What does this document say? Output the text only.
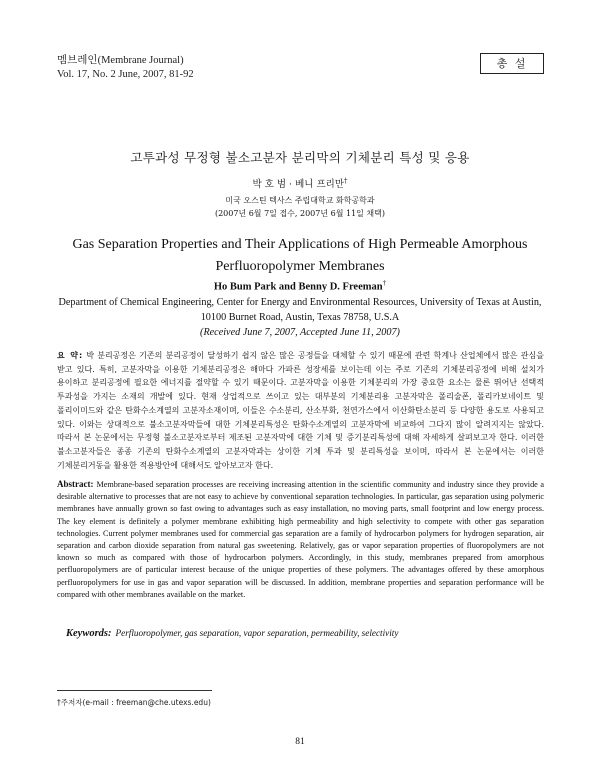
멤브레인(Membrane Journal)
Vol. 17, No. 2 June, 2007, 81-92
총 설
고투과성 무정형 불소고분자 분리막의 기체분리 특성 및 응용
박 호 범 · 베니 프리만†
미국 오스틴 텍사스 주립대학교 화학공학과
(2007년 6월 7일 접수, 2007년 6월 11일 채택)
Gas Separation Properties and Their Applications of High Permeable Amorphous Perfluoropolymer Membranes
Ho Bum Park and Benny D. Freeman†
Department of Chemical Engineering, Center for Energy and Environmental Resources, University of Texas at Austin,
10100 Burnet Road, Austin, Texas 78758, U.S.A
(Received June 7, 2007, Accepted June 11, 2007)
요 약: 박 분리공정은 기존의 분리공정이 달성하기 쉽지 않은 많은 공정들을 대체할 수 있기 때문에 관련 학계나 산업체에서 많은 관심을 받고 있다. 특히, 고분자막을 이용한 기체분리공정은 해마다 가파른 성장세를 보이는데 이는 주로 기존의 기체분리공정에 비해 설치가 용이하고 분리공정에 필요한 에너지를 절약할 수 있기 때문이다. 고분자막을 이용한 기체분리의 가장 중요한 요소는 물론 뛰어난 선택적 투과성을 가지는 소재의 개발에 있다. 현재 상업적으로 쓰이고 있는 대부분의 기체분리용 고분자막은 폴리술폰, 폴리카보네이트 및 폴리이미드와 같은 탄화수소계열의 고분자소재이며, 이들은 수소분리, 산소부화, 천연가스에서 이산화탄소분리 등 다양한 용도로 사용되고 있다. 이와는 상대적으로 불소고분자막들에 대한 기체분리특성은 탄화수소계열의 고분자막에 비교하여 그다지 많이 알려지지는 않았다. 따라서 본 논문에서는 무정형 불소고분자로부터 제조된 고분자막에 대한 기체 및 증기분리특성에 대해 자세하게 살펴보고자 한다. 이러한 불소고분자들은 종종 기존의 탄화수소계열의 고분자막과는 상이한 기체 투과 및 분리특성을 보이며, 따라서 본 논문에서는 이러한 기체분리거동을 활용한 적용방안에 대해서도 알아보고자 한다.
Abstract: Membrane-based separation processes are receiving increasing attention in the scientific community and industry since they provide a desirable alternative to processes that are not easy to achieve by conventional separation technologies. In particular, gas separation using polymeric membranes have annually grown so fast owing to advantages such as easy installation, no moving parts, small footprint and low energy process. The key element is definitely a polymer membrane exhibiting high permeability and high selectivity to compete with other gas separation technologies. Current polymer membranes used for commercial gas separation are a family of hydrocarbon polymers for hydrogen separation, air separation and carbon dioxide separation from natural gas sweetening. Relatively, gas or vapor separation properties of fluoropolymers are not known so much as compared with those of hydrocarbon polymers. Accordingly, in this study, membranes prepared from amorphous perfluoropolymers are of particular interest because of the unique properties of these polymers. The advantages offered by these amorphous perfluoropolymers for use in gas and vapor separation will be discussed. In addition, membrane properties and separation performance will be compared with other membranes available on the market.
Keywords: Perfluoropolymer, gas separation, vapor separation, permeability, selectivity
†주저자(e-mail : freeman@che.utexs.edu)
81
